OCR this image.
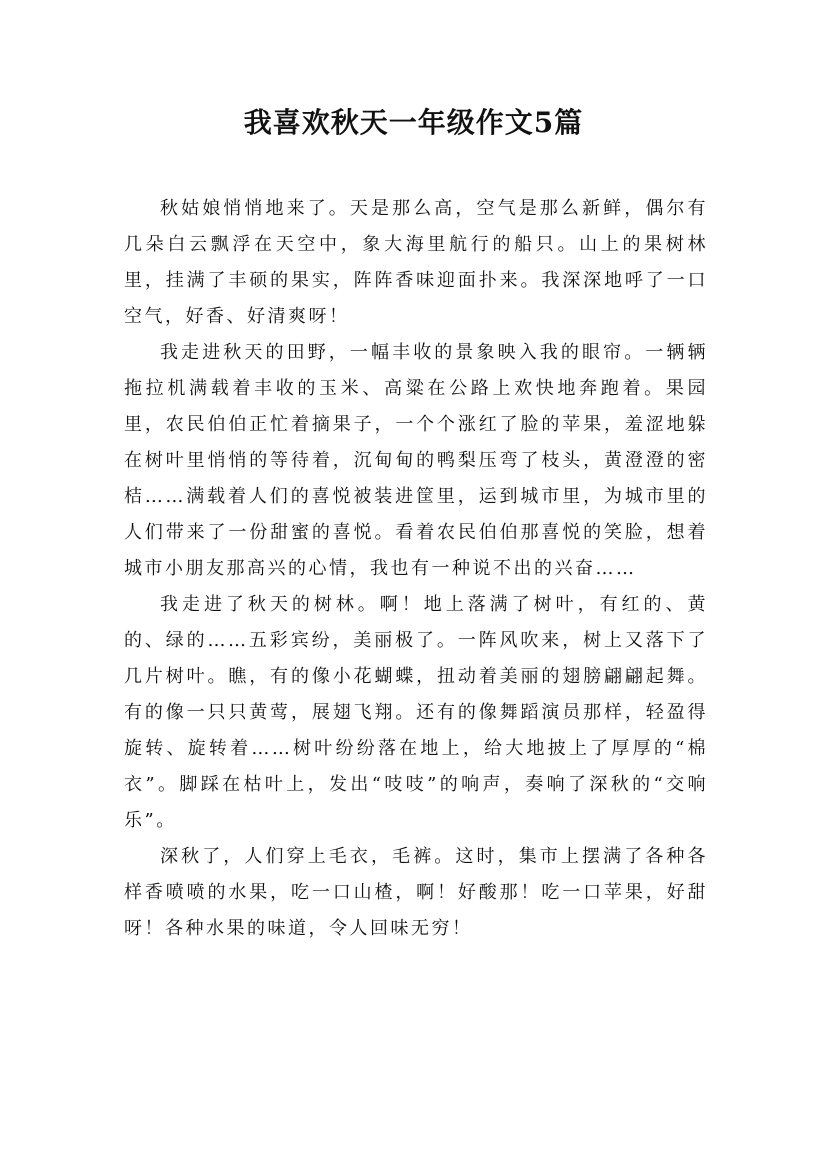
我喜欢秋天一年级作文5篇

秋姑娘悄悄地来了。天是那么高，空气是那么新鲜，偶尔有几朵白云飘浮在天空中，象大海里航行的船只。山上的果树林里，挂满了丰硕的果实，阵阵香味迎面扑来。我深深地呼了一口空气，好香、好清爽呀！

我走进秋天的田野，一幅丰收的景象映入我的眼帘。一辆辆拖拉机满载着丰收的玉米、高粱在公路上欢快地奔跑着。果园里，农民伯伯正忙着摘果子，一个个涨红了脸的苹果，羞涩地躲在树叶里悄悄的等待着，沉甸甸的鸭梨压弯了枝头，黄澄澄的密桔……满载着人们的喜悦被装进筐里，运到城市里，为城市里的人们带来了一份甜蜜的喜悦。看着农民伯伯那喜悦的笑脸，想着城市小朋友那高兴的心情，我也有一种说不出的兴奋……

我走进了秋天的树林。啊！地上落满了树叶，有红的、黄的、绿的……五彩宾纷，美丽极了。一阵风吹来，树上又落下了几片树叶。瞧，有的像小花蝴蝶，扭动着美丽的翅膀翩翩起舞。有的像一只只黄莺，展翅飞翔。还有的像舞蹈演员那样，轻盈得旋转、旋转着……树叶纷纷落在地上，给大地披上了厚厚的“棉衣”。脚踩在枯叶上，发出“吱吱”的响声，奏响了深秋的“交响乐”。

深秋了，人们穿上毛衣，毛裤。这时，集市上摆满了各种各样香喷喷的水果，吃一口山楂，啊！好酸那！吃一口苹果，好甜呀！各种水果的味道，令人回味无穷！
